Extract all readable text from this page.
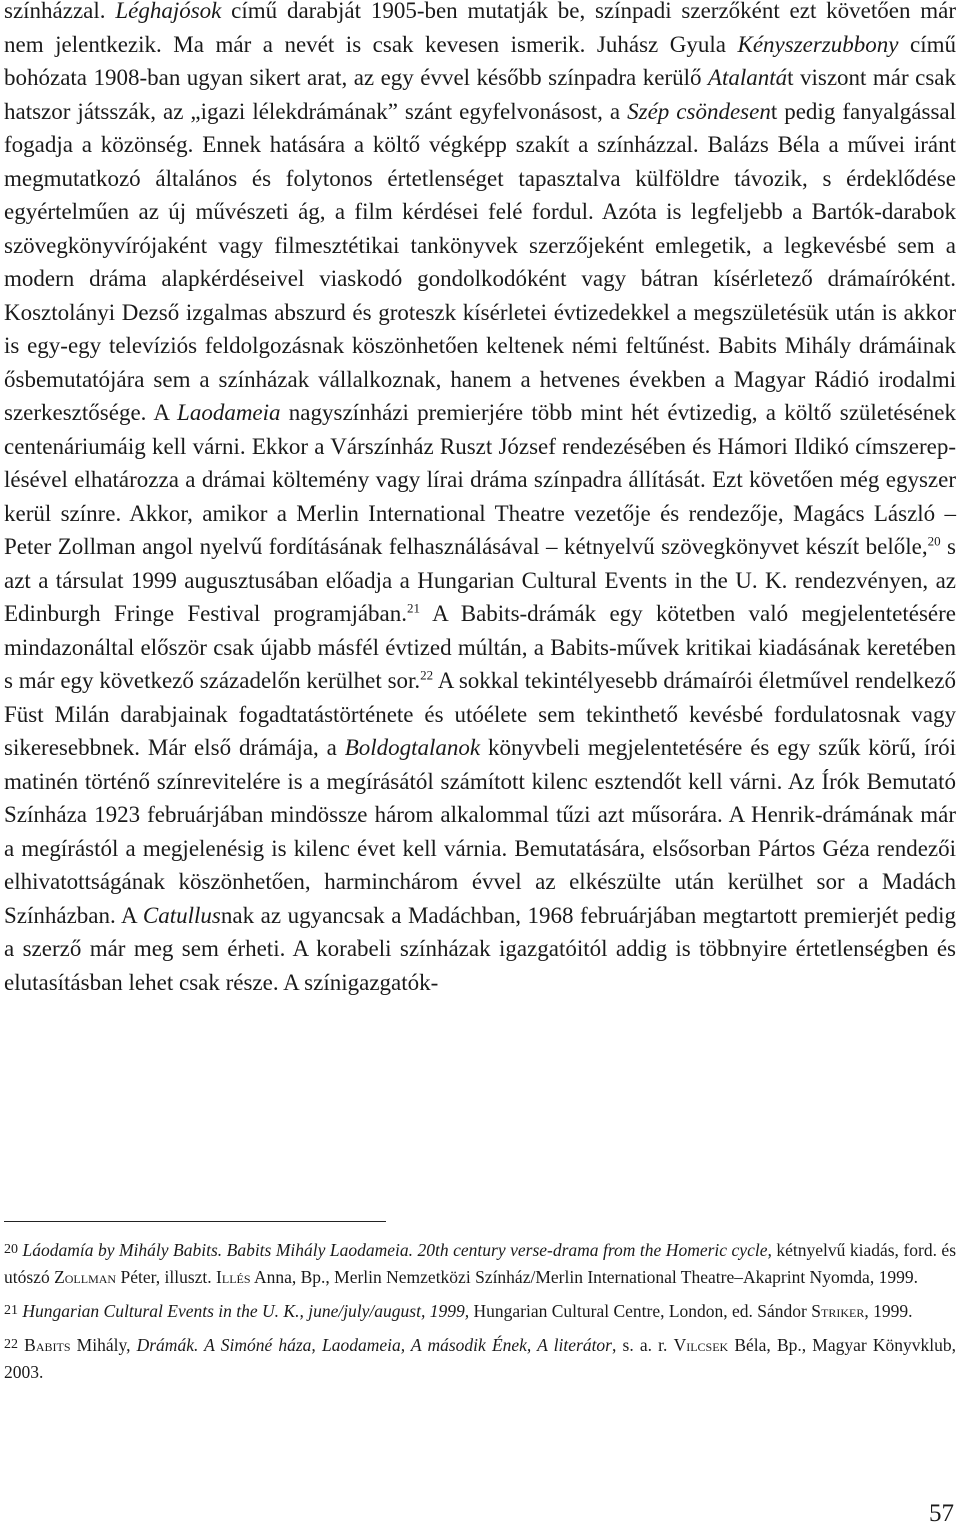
színházzal. Léghajósok című darabját 1905-ben mutatják be, színpadi szerzőként ezt követően már nem jelentkezik. Ma már a nevét is csak kevesen ismerik. Juhász Gyula Kényszerzubbony című bohózata 1908-ban ugyan sikert arat, az egy évvel később színpadra kerülő Atalantát viszont már csak hatszor játsszák, az „igazi lélekdrámának” szánt egyfelvonásost, a Szép csöndesent pedig fanyalgással fogadja a közönség. Ennek hatására a költő végképp szakít a színházzal. Balázs Béla a művei iránt megmutatkozó általános és folytonos értetlenséget tapasztalva külföldre távozik, s érdeklődése egyértelműen az új művészeti ág, a film kérdései felé fordul. Azóta is legfeljebb a Bartók-darabok szövegkönyvírójaként vagy filmesztétikai tankönyvek szerzőjeként emlegetik, a legkevésbé sem a modern dráma alapkérdéseivel viaskodó gondolkodóként vagy bátran kísérletező drámaíróként. Kosztolányi Dezső izgalmas abszurd és groteszk kísérletei évtizedekkel a megszületésük után is akkor is egy-egy televíziós feldolgozásnak köszönhetően keltenek némi feltűnést. Babits Mihály drámáinak ősbemutatójára sem a színházak vállalkoznak, hanem a hetvenes években a Magyar Rádió irodalmi szerkesztősége. A Laodameia nagyszínházi premierjére több mint hét évtizedig, a költő születésének centenáriumáig kell várni. Ekkor a Várszínház Ruszt József rendezésében és Hámori Ildikó címszereplésével elhatározza a drámai költemény vagy lírai dráma színpadra állítását. Ezt követően még egyszer kerül színre. Akkor, amikor a Merlin International Theatre vezetője és rendezője, Magács László – Peter Zollman angol nyelvű fordításának felhasználásával – kétnyelvű szövegkönyvet készít belőle,$^{20}$ s azt a társulat 1999 augusztusában előadja a Hungarian Cultural Events in the U. K. rendezvényen, az Edinburgh Fringe Festival programjában.$^{21}$ A Babits-drámák egy kötetben való megjelentetésére mindazonáltal először csak újabb másfél évtized múltán, a Babits-művek kritikai kiadásának keretében s már egy következő századelőn kerülhet sor.$^{22}$ A sokkal tekintélyesebb drámaírói életművel rendelkező Füst Milán darabjainak fogadtatástörténete és utóélete sem tekinthető kevésbé fordulatosnak vagy sikeresebbnek. Már első drámája, a Boldogtalanok könyvbeli megjelentetésére és egy szűk körű, írói matinén történő színrevitelére is a megírásától számított kilenc esztendőt kell várni. Az Írók Bemutató Színháza 1923 februárjában mindössze három alkalommal tűzi azt műsorára. A Henrik-drámának már a megírástól a megjelenésig is kilenc évet kell várnia. Bemutatására, elsősorban Pártos Géza rendezői elhivatottságának köszönhetően, harminchárom évvel az elkészülte után kerülhet sor a Madách Színházban. A Catullusnak az ugyancsak a Madáchban, 1968 februárjában megtartott premierjét pedig a szerző már meg sem érheti. A korabeli színházak igazgatóitól addig is többnyire értetlenségben és elutasításban lehet csak része. A színigazgatók-

20 Láodamía by Mihály Babits. Babits Mihály Laodameia. 20th century verse-drama from the Homeric cycle, kétnyelvű kiadás, ford. és utószó Zollman Péter, illuszt. Illés Anna, Bp., Merlin Nemzetközi Színház/Merlin International Theatre–Akaprint Nyomda, 1999.

21 Hungarian Cultural Events in the U. K., june/july/august, 1999, Hungarian Cultural Centre, London, ed. Sándor Striker, 1999.

22 Babits Mihály, Drámák. A Simóné háza, Laodameia, A második Ének, A literátor, s. a. r. Vilcsek Béla, Bp., Magyar Könyvklub, 2003.

57
